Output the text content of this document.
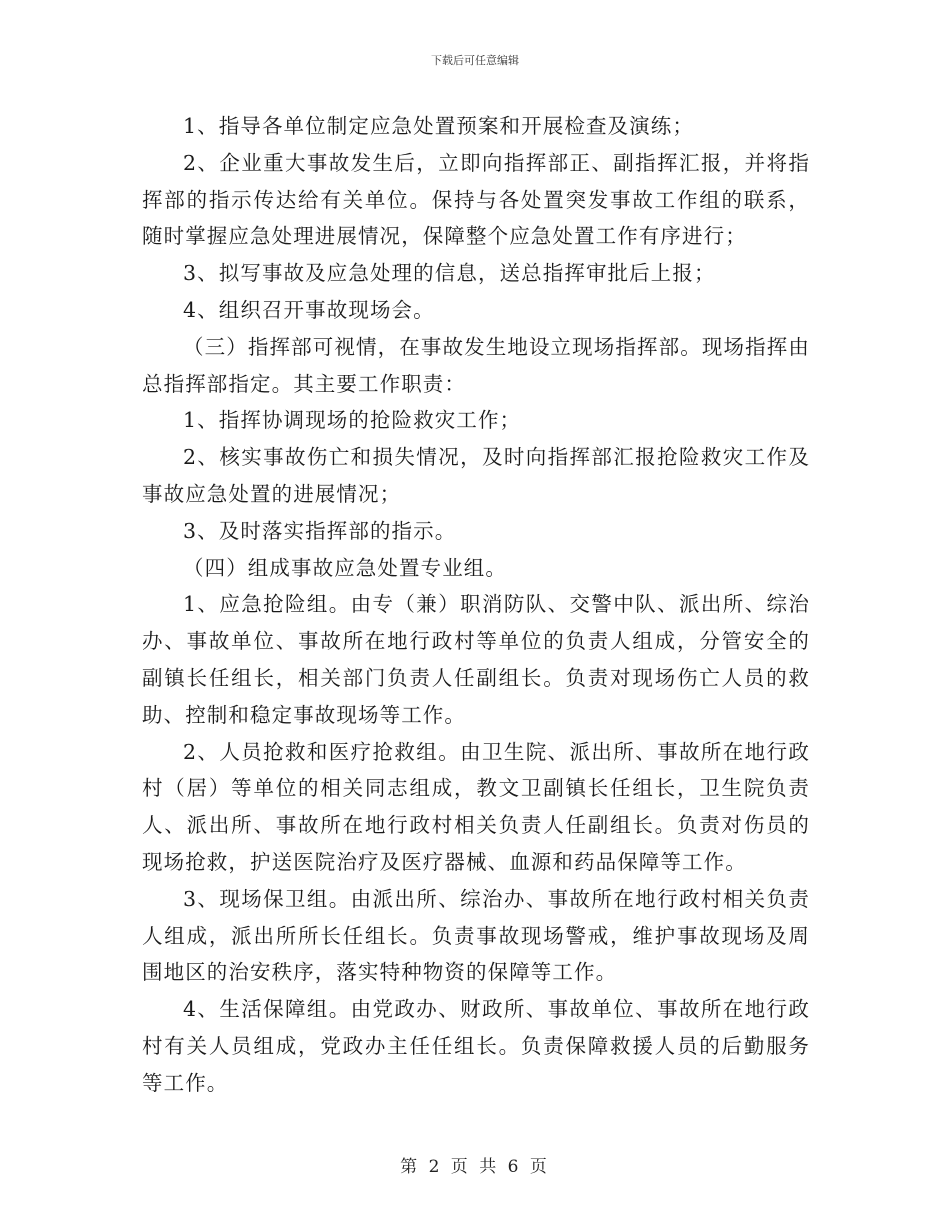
下载后可任意编辑

1、指导各单位制定应急处置预案和开展检查及演练；

2、企业重大事故发生后，立即向指挥部正、副指挥汇报，并将指挥部的指示传达给有关单位。保持与各处置突发事故工作组的联系，随时掌握应急处理进展情况，保障整个应急处置工作有序进行；

3、拟写事故及应急处理的信息，送总指挥审批后上报；

4、组织召开事故现场会。

（三）指挥部可视情，在事故发生地设立现场指挥部。现场指挥由总指挥部指定。其主要工作职责：

1、指挥协调现场的抢险救灾工作；

2、核实事故伤亡和损失情况，及时向指挥部汇报抢险救灾工作及事故应急处置的进展情况；

3、及时落实指挥部的指示。

（四）组成事故应急处置专业组。

1、应急抢险组。由专（兼）职消防队、交警中队、派出所、综治办、事故单位、事故所在地行政村等单位的负责人组成，分管安全的副镇长任组长，相关部门负责人任副组长。负责对现场伤亡人员的救助、控制和稳定事故现场等工作。

2、人员抢救和医疗抢救组。由卫生院、派出所、事故所在地行政村（居）等单位的相关同志组成，教文卫副镇长任组长，卫生院负责人、派出所、事故所在地行政村相关负责人任副组长。负责对伤员的现场抢救，护送医院治疗及医疗器械、血源和药品保障等工作。

3、现场保卫组。由派出所、综治办、事故所在地行政村相关负责人组成，派出所所长任组长。负责事故现场警戒，维护事故现场及周围地区的治安秩序，落实特种物资的保障等工作。

4、生活保障组。由党政办、财政所、事故单位、事故所在地行政村有关人员组成，党政办主任任组长。负责保障救援人员的后勤服务等工作。

第 2 页 共 6 页
